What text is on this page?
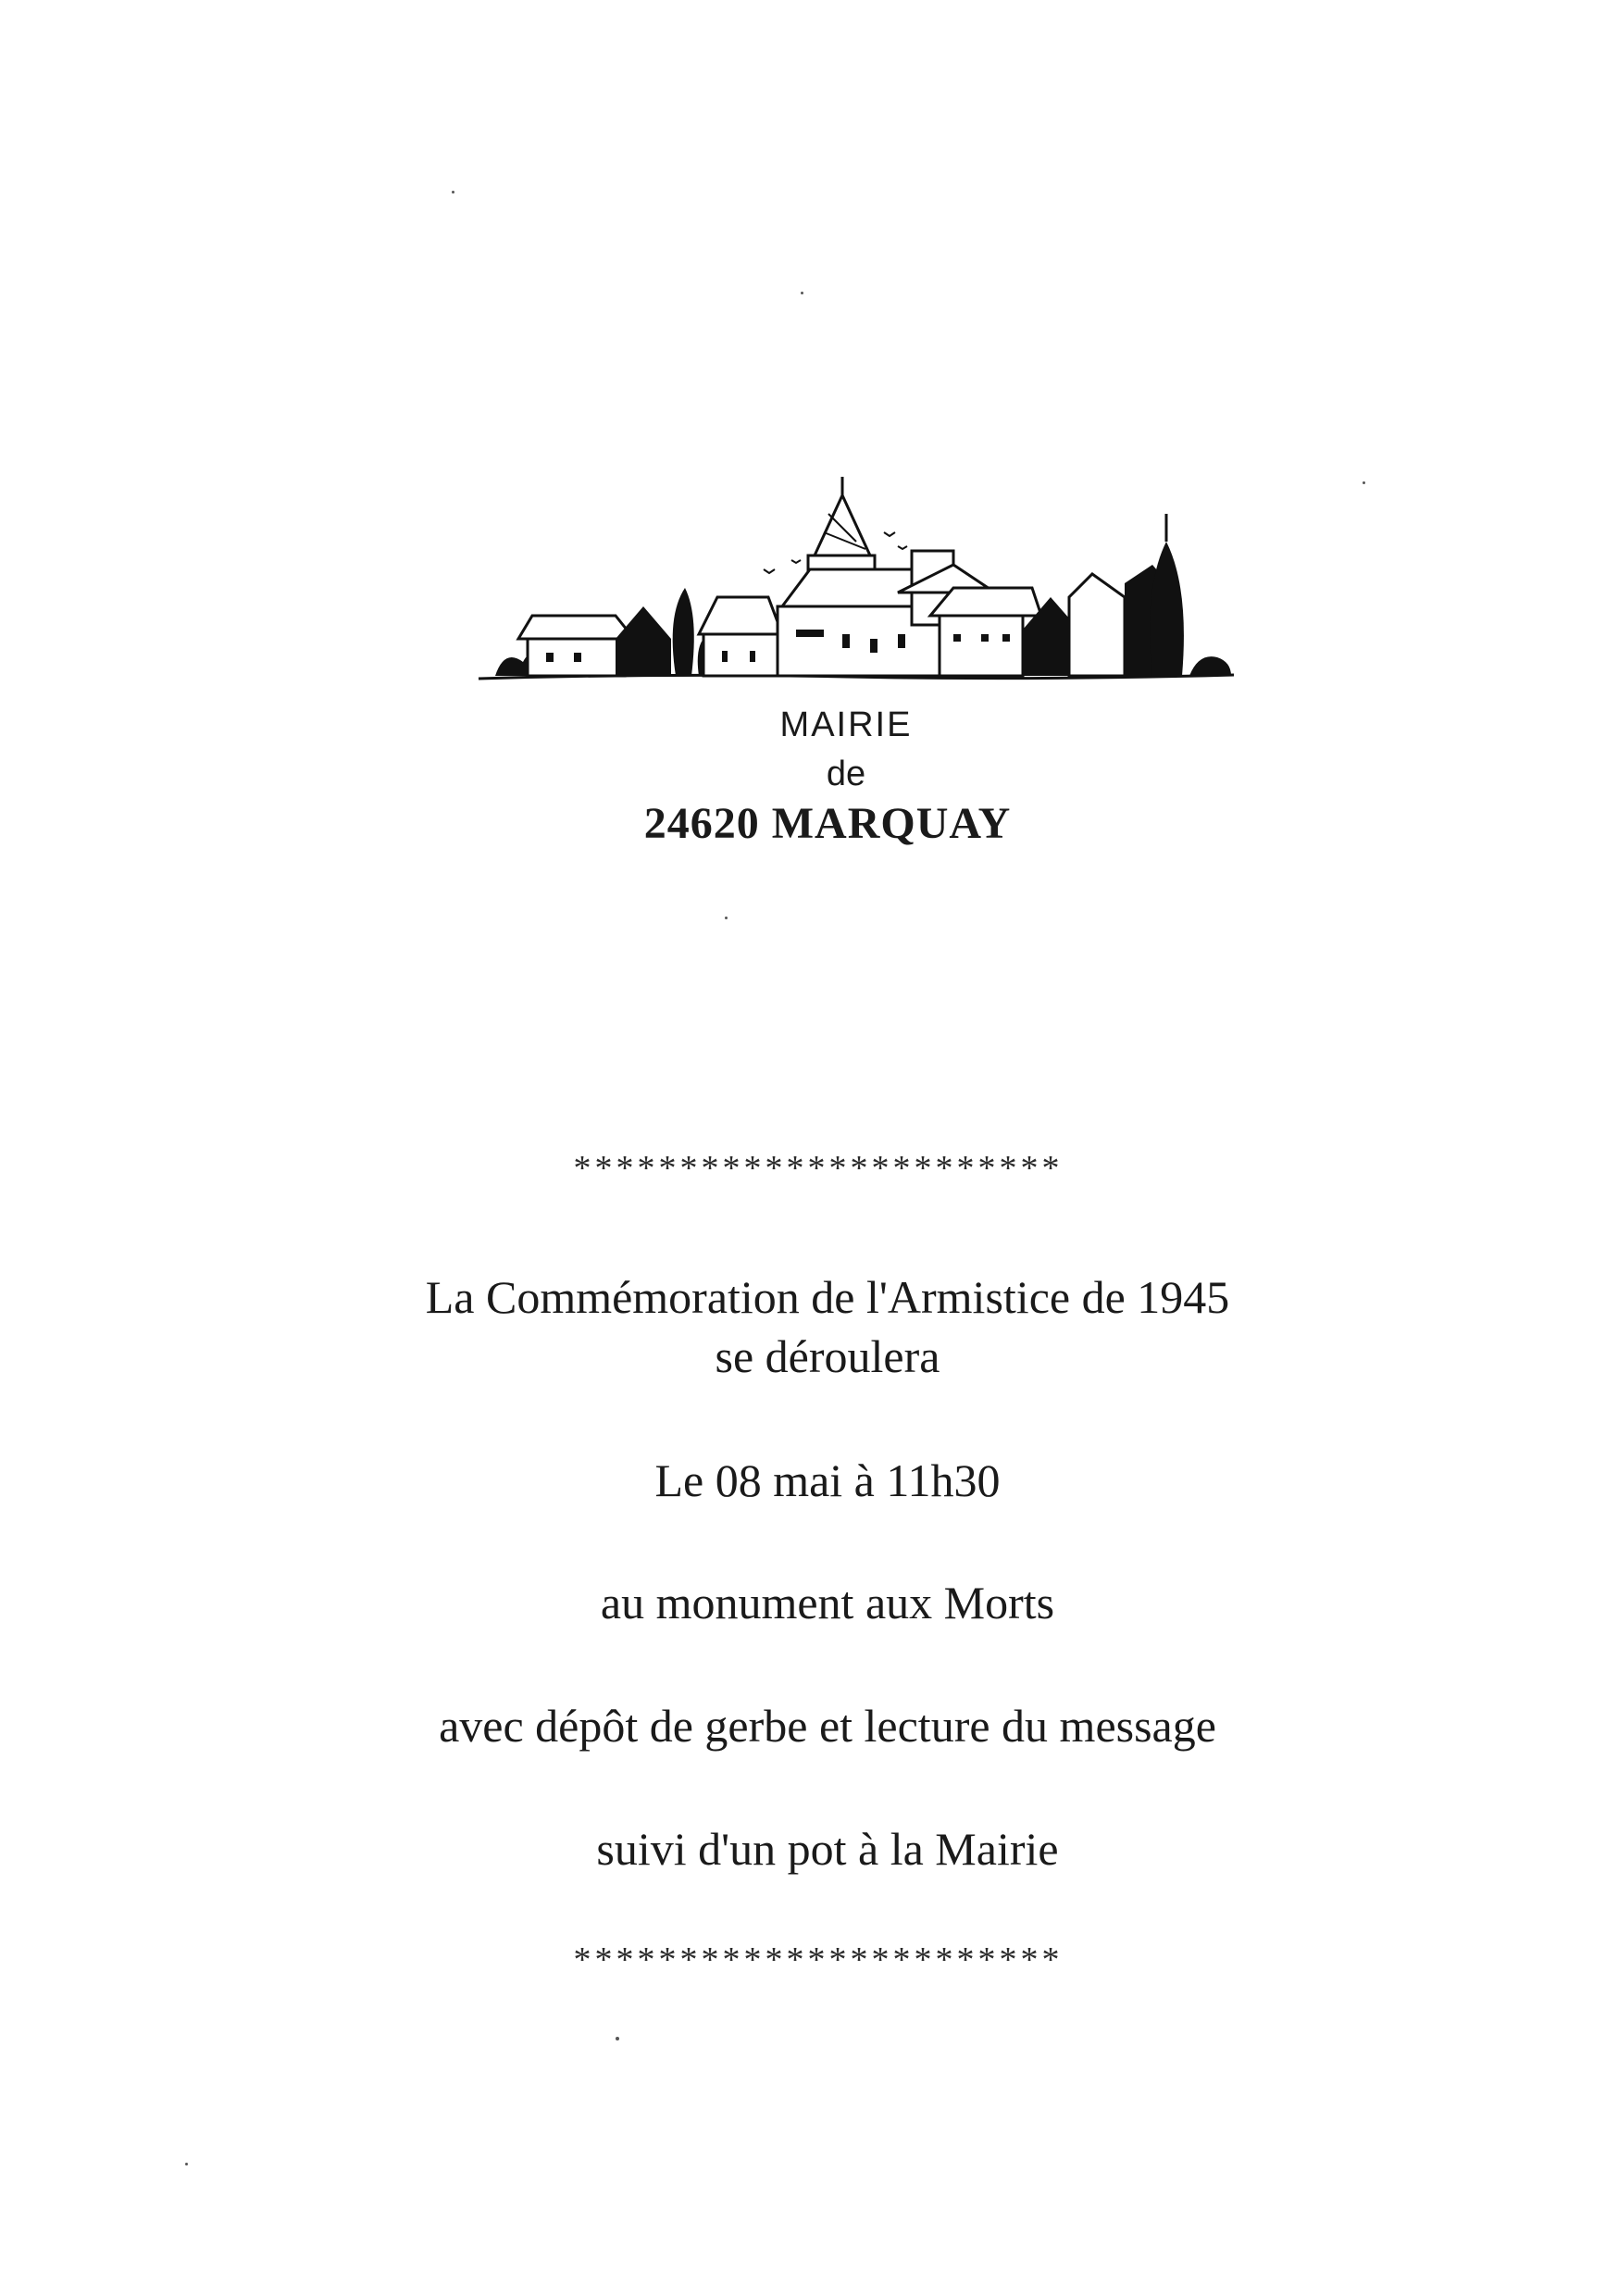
MAIRIE
de
24620 MARQUAY
***********************
La Commémoration de l'Armistice de 1945
se déroulera
Le 08 mai à 11h30
au monument aux Morts
avec dépôt de gerbe et lecture du message
suivi d'un pot à la Mairie
***********************
